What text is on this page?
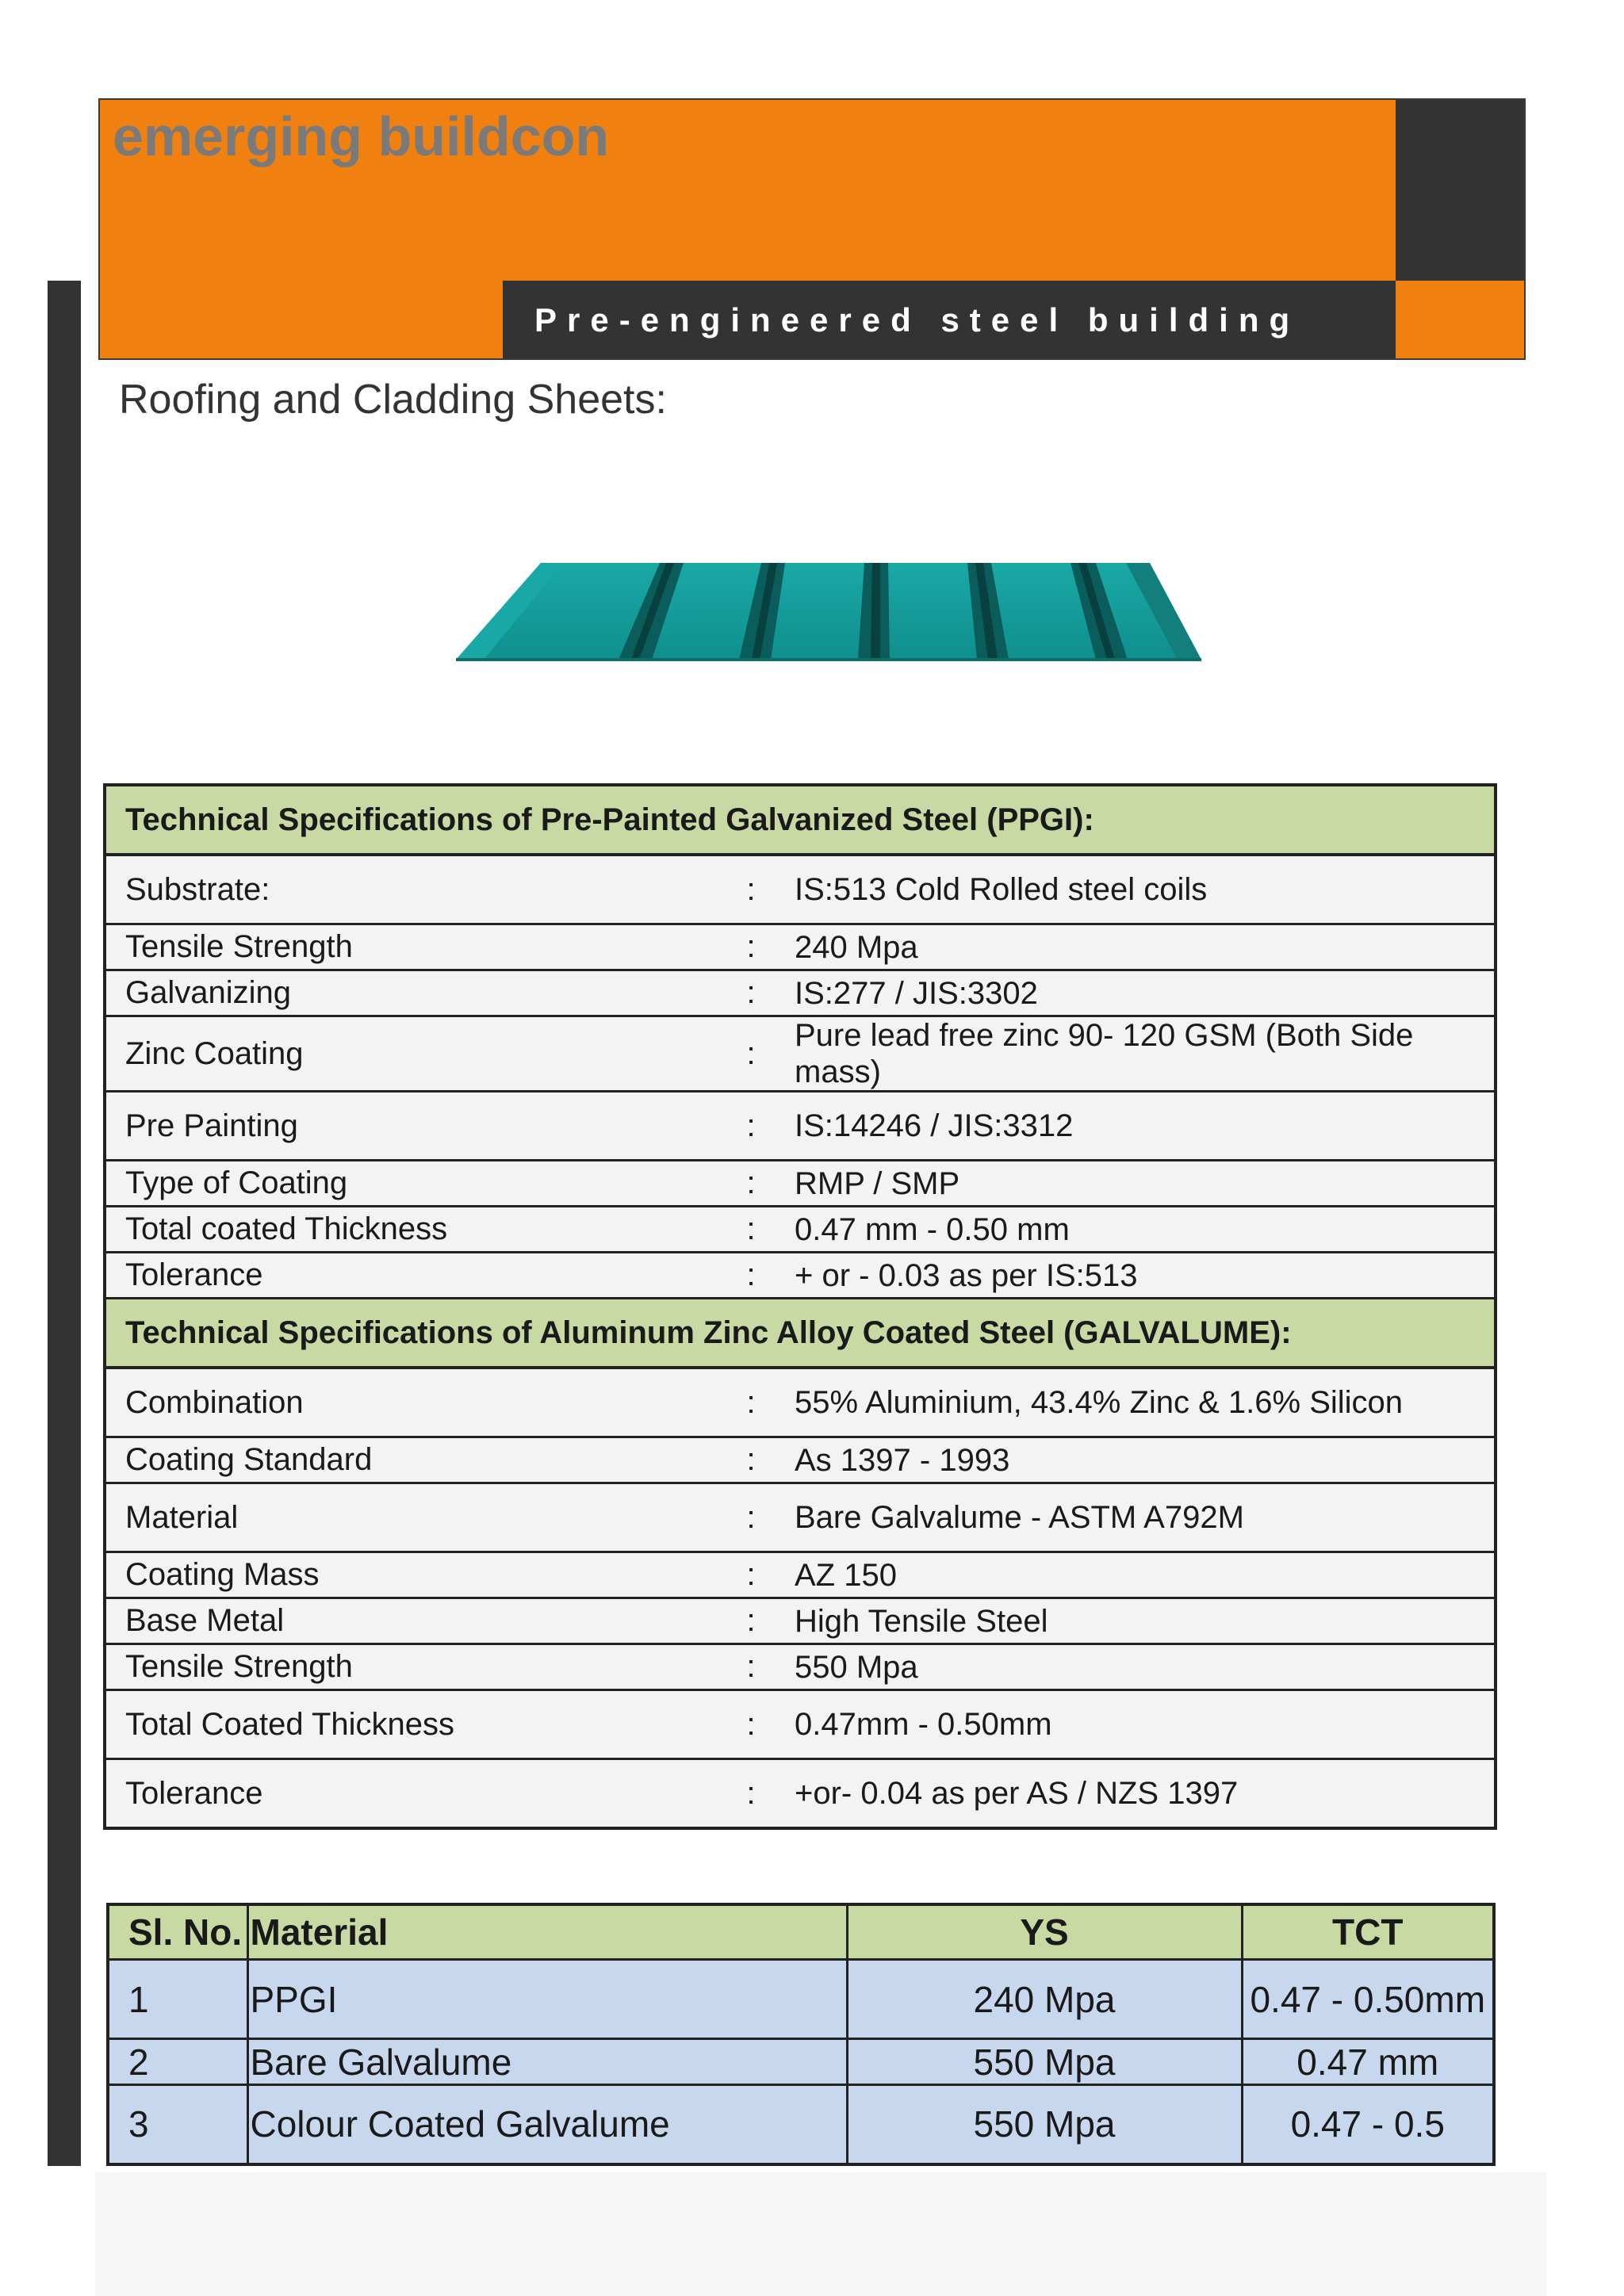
emerging buildcon
Pre-engineered steel building
Roofing and Cladding Sheets:
Technical Specifications of Pre-Painted Galvanized Steel (PPGI):		
Substrate:	:	IS:513 Cold Rolled steel coils
Tensile Strength	:	240 Mpa
Galvanizing	:	IS:277 / JIS:3302
Zinc Coating	:	Pure lead free zinc 90- 120 GSM (Both Side mass)
Pre Painting	:	IS:14246 / JIS:3312
Type of Coating	:	RMP / SMP
Total coated Thickness	:	0.47 mm - 0.50 mm
Tolerance	:	+ or - 0.03 as per IS:513
Technical Specifications of Aluminum Zinc Alloy Coated Steel (GALVALUME):		
Combination	:	55% Aluminium, 43.4% Zinc & 1.6% Silicon
Coating Standard	:	As 1397 - 1993
Material	:	Bare Galvalume - ASTM A792M
Coating Mass	:	AZ 150
Base Metal	:	High Tensile Steel
Tensile Strength	:	550 Mpa
Total Coated Thickness	:	0.47mm - 0.50mm
Tolerance	:	+or- 0.04 as per AS / NZS 1397
Sl. No.	Material	YS	TCT
1	PPGI	240 Mpa	0.47 - 0.50mm
2	Bare Galvalume	550 Mpa	0.47 mm
3	Colour Coated Galvalume	550 Mpa	0.47 - 0.5
